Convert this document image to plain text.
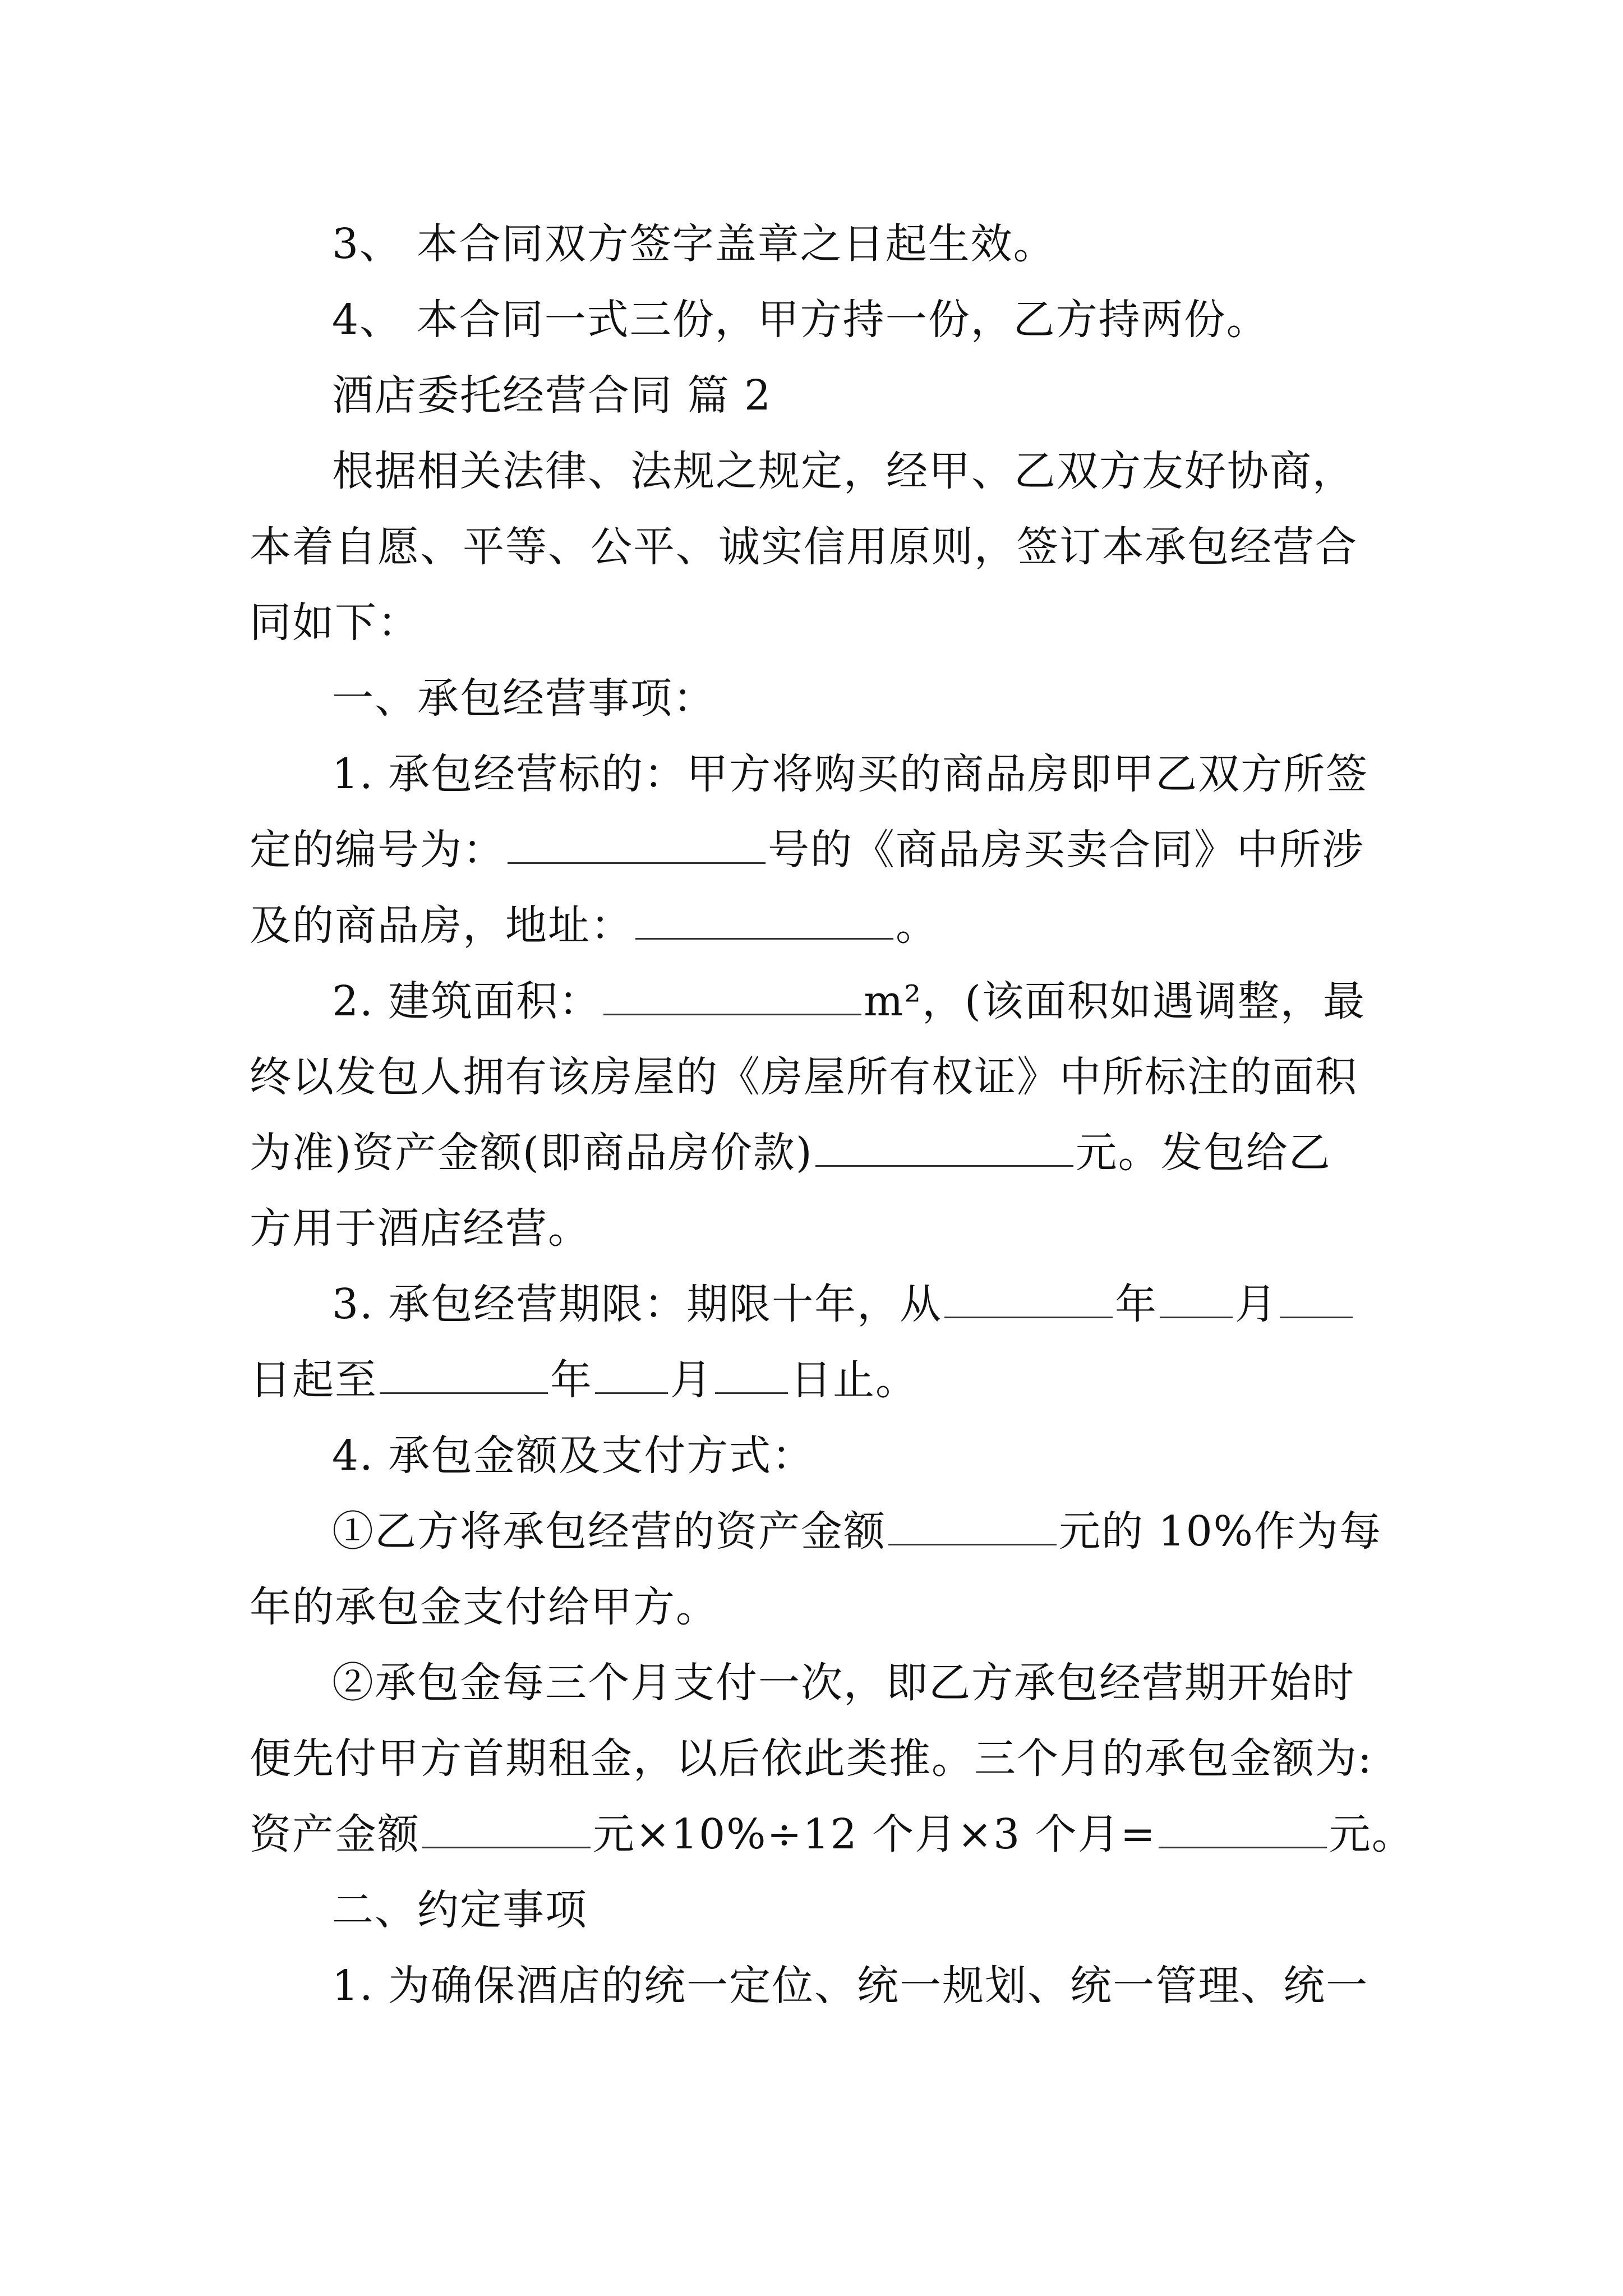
3、 本合同双方签字盖章之日起生效。
4、 本合同一式三份，甲方持一份，乙方持两份。
酒店委托经营合同 篇 2
根据相关法律、法规之规定，经甲、乙双方友好协商，
本着自愿、平等、公平、诚实信用原则，签订本承包经营合
同如下：
一、承包经营事项：
1. 承包经营标的：甲方将购买的商品房即甲乙双方所签
定的编号为：	号的《商品房买卖合同》中所涉
及的商品房，地址：	。
2. 建筑面积：	m²，(该面积如遇调整，最
终以发包人拥有该房屋的《房屋所有权证》中所标注的面积
为准)资产金额(即商品房价款)	元。发包给乙
方用于酒店经营。
3. 承包经营期限：期限十年，从	年 月
日起至	年 月 日止。
4. 承包金额及支付方式：
①乙方将承包经营的资产金额	元的 10%作为每
年的承包金支付给甲方。
②承包金每三个月支付一次，即乙方承包经营期开始时
便先付甲方首期租金，以后依此类推。三个月的承包金额为:
资产金额	元×10%÷12 个月×3 个月=	元。
二、约定事项
1. 为确保酒店的统一定位、统一规划、统一管理、统一
